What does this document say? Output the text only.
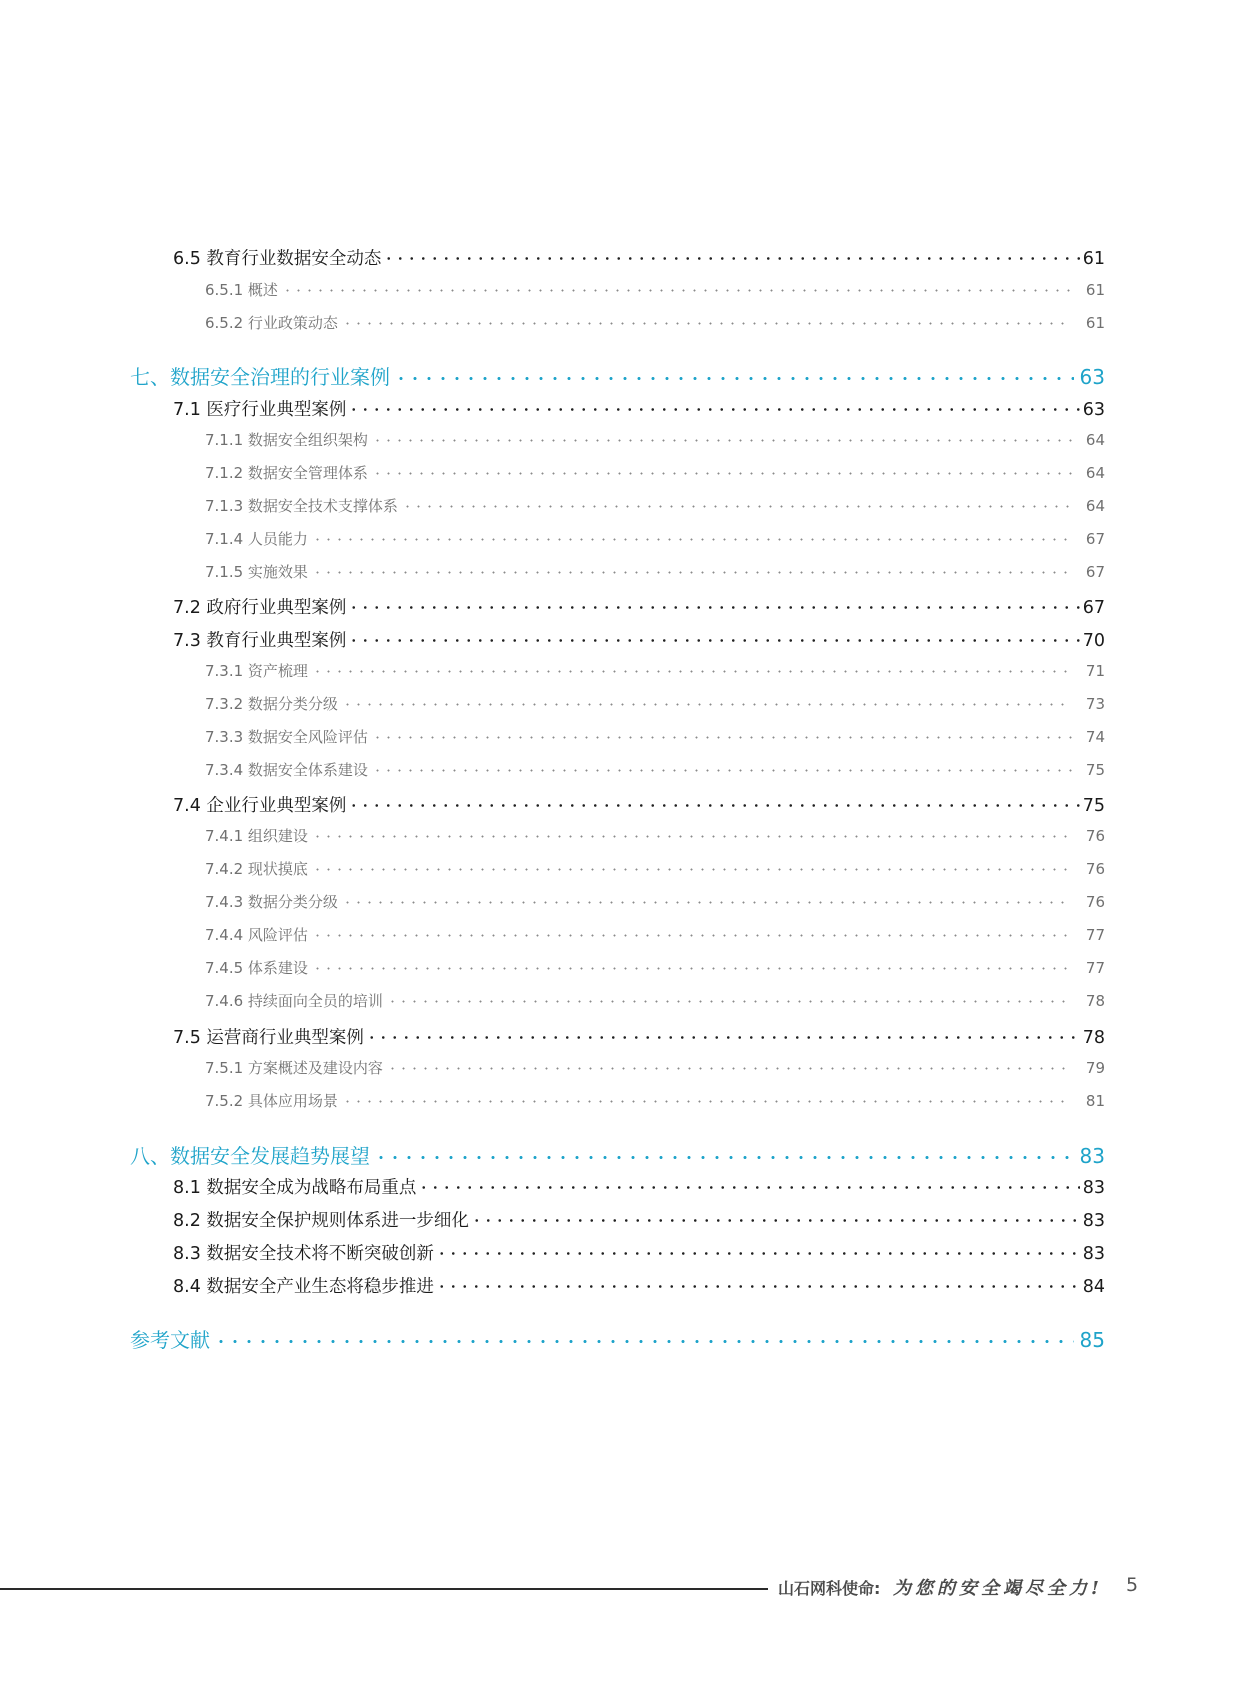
6.5 教育行业数据安全动态	61
6.5.1 概述	61
6.5.2 行业政策动态	61
七、数据安全治理的行业案例	63
7.1 医疗行业典型案例	63
7.1.1 数据安全组织架构	64
7.1.2 数据安全管理体系	64
7.1.3 数据安全技术支撑体系	64
7.1.4 人员能力	67
7.1.5 实施效果	67
7.2 政府行业典型案例	67
7.3 教育行业典型案例	70
7.3.1 资产梳理	71
7.3.2 数据分类分级	73
7.3.3 数据安全风险评估	74
7.3.4 数据安全体系建设	75
7.4 企业行业典型案例	75
7.4.1 组织建设	76
7.4.2 现状摸底	76
7.4.3 数据分类分级	76
7.4.4 风险评估	77
7.4.5 体系建设	77
7.4.6 持续面向全员的培训	78
7.5 运营商行业典型案例	78
7.5.1 方案概述及建设内容	79
7.5.2 具体应用场景	81
八、数据安全发展趋势展望	83
8.1 数据安全成为战略布局重点	83
8.2 数据安全保护规则体系进一步细化	83
8.3 数据安全技术将不断突破创新	83
8.4 数据安全产业生态将稳步推进	84
参考文献	85
山石网科使命: 为您的安全竭尽全力! 5
